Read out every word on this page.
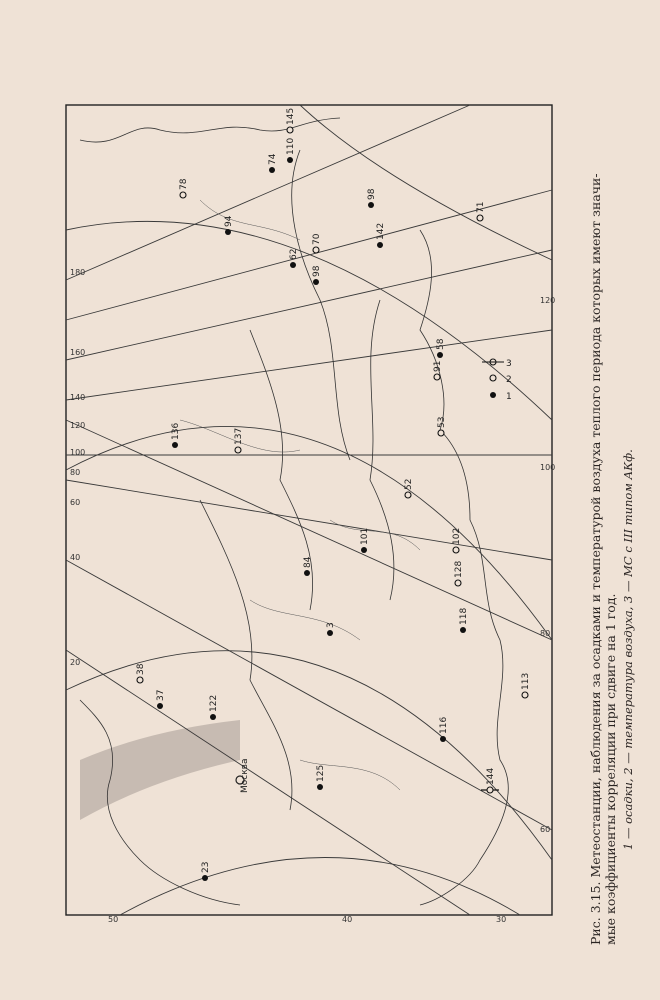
20
40
60
80
100
120
140
160
180
50	40	30
60
80
100
120
Москва
145
74
110
78
94
98
142
70
62
98
71
58
91
136	137
53
52
101	102
84	128
3
118
38
37	122
113
116
125	144
23
1
2
3	Рис. 3.15. Метеостанции, наблюдения за осадками и температурой воздуха теплого периода которых имеют значи- мые коэффициенты корреляции при сдвиге на 1 год. 1 — осадки, 2 — температура воздуха, 3 — МС с III типом АКф.
